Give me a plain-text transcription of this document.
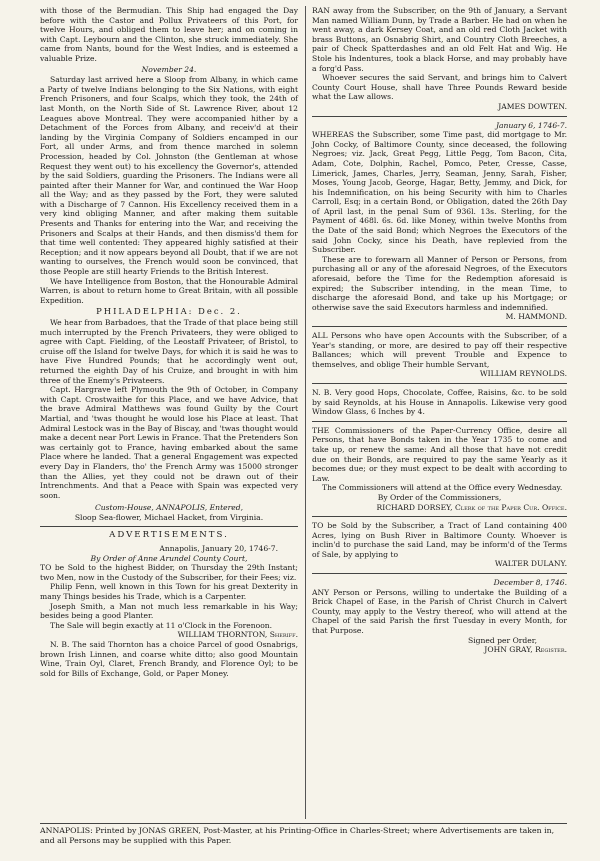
with those of the Bermudian. This Ship had engaged the Day before with the Castor and Pollux Privateers of this Port, for twelve Hours, and obliged them to leave her; and on coming in with Capt. Leybourn and the Clinton, she struck immediately. She came from Nants, bound for the West Indies, and is esteemed a valuable Prize.

November 24.

Saturday last arrived here a Sloop from Albany, in which came a Party of twelve Indians belonging to the Six Nations, with eight French Prisoners, and four Scalps, which they took, the 24th of last Month, on the North Side of St. Lawrence River, about 12 Leagues above Montreal. They were accompanied hither by a Detachment of the Forces from Albany, and receiv'd at their landing by the Virginia Company of Soldiers encamped in our Fort, all under Arms, and from thence marched in solemn Procession, headed by Col. Johnston (the Gentleman at whose Request they went out) to his excellency the Governor's, attended by the said Soldiers, guarding the Prisoners. The Indians were all painted after their Manner for War, and continued the War Hoop all the Way; and as they passed by the Fort, they were saluted with a Discharge of 7 Cannon. His Excellency received them in a very kind obliging Manner, and after making them suitable Presents and Thanks for entering into the War, and receiving the Prisoners and Scalps at their Hands, and then dismiss'd them for that time well contented: They appeared highly satisfied at their Reception; and it now appears beyond all Doubt, that if we are not wanting to ourselves, the French would soon be convinced, that those People are still hearty Friends to the British Interest.

We have Intelligence from Boston, that the Honourable Admiral Warren, is about to return home to Great Britain, with all possible Expedition.

PHILADELPHIA: Dec. 2.

We hear from Barbadoes, that the Trade of that place being still much interrupted by the French Privateers, they were obliged to agree with Capt. Fielding, of the Leostaff Privateer, of Bristol, to cruise off the Island for twelve Days, for which it is said he was to have Five Hundred Pounds; that he accordingly went out, returned the eighth Day of his Cruize, and brought in with him three of the Enemy's Privateers.

Capt. Hargrave left Plymouth the 9th of October, in Company with Capt. Crostwaithe for this Place, and we have Advice, that the brave Admiral Matthews was found Guilty by the Court Martial, and 'twas thought he would lose his Place at least. That Admiral Lestock was in the Bay of Biscay, and 'twas thought would make a decent near Port Lewis in France. That the Pretenders Son was certainly got to France, having embarked about the same Place where he landed. That a general Engagement was expected every Day in Flanders, tho' the French Army was 15000 stronger than the Allies, yet they could not be drawn out of their Intrenchments. And that a Peace with Spain was expected very soon.

Custom-House, ANNAPOLIS, Entered,
Sloop Sea-flower, Michael Hacket, from Virginia.
ADVERTISEMENTS.
Annapolis, January 20, 1746-7.
By Order of Anne Arundel County Court,

TO be Sold to the highest Bidder, on Thursday the 29th Instant; two Men, now in the Custody of the Subscriber, for their Fees; viz.

Philip Fenn, well known in this Town for his great Dexterity in many Things besides his Trade, which is a Carpenter.

Joseph Smith, a Man not much less remarkable in his Way; besides being a good Planter.

The Sale will begin exactly at 11 o'Clock in the Forenoon.

WILLIAM THORNTON, Sheriff.

N. B. The said Thornton has a choice Parcel of good Osnabrigs, brown Irish Linnen, and coarse white ditto; also good Mountain Wine, Train Oyl, Claret, French Brandy, and Florence Oyl; to be sold for Bills of Exchange, Gold, or Paper Money.

RAN away from the Subscriber, on the 9th of January, a Servant Man named William Dunn, by Trade a Barber. He had on when he went away, a dark Kersey Coat, and an old red Cloth Jacket with brass Buttons, an Osnabrig Shirt, and Country Cloth Breeches, a pair of Check Spatterdashes and an old Felt Hat and Wig. He Stole his Indentures, took a black Horse, and may probably have a forg'd Pass.

Whoever secures the said Servant, and brings him to Calvert County Court House, shall have Three Pounds Reward beside what the Law allows.

JAMES DOWTEN.
January 6, 1746-7.

WHEREAS the Subscriber, some Time past, did mortgage to Mr. John Cocky, of Baltimore County, since deceased, the following Negroes; viz. Jack, Great Pegg, Little Pegg, Tom Bacon, Cita, Adam, Cote, Dolphin, Rachel, Pomco, Peter, Cresse, Casse, Limerick, James, Charles, Jerry, Seaman, Jenny, Sarah, Fisher, Moses, Young Jacob, George, Hagar, Betty, Jemmy, and Dick, for his Indemnification, on his being Security with him to Charles Carroll, Esq; in a certain Bond, or Obligation, dated the 26th Day of April last, in the penal Sum of 936l. 13s. Sterling, for the Payment of 468l. 6s. 6d. like Money, within twelve Months from the Date of the said Bond; which Negroes the Executors of the said John Cocky, since his Death, have replevied from the Subscriber.

These are to forewarn all Manner of Person or Persons, from purchasing all or any of the aforesaid Negroes, of the Executors aforesaid, before the Time for the Redemption aforesaid is expired; the Subscriber intending, in the mean Time, to discharge the aforesaid Bond, and take up his Mortgage; or otherwise save the said Executors harmless and indemnified.

M. HAMMOND.

ALL Persons who have open Accounts with the Subscriber, of a Year's standing, or more, are desired to pay off their respective Ballances; which will prevent Trouble and Expence to themselves, and oblige Their humble Servant,

WILLIAM REYNOLDS.

N. B. Very good Hops, Chocolate, Coffee, Raisins, &c. to be sold by said Reynolds, at his House in Annapolis. Likewise very good Window Glass, 6 Inches by 4.

THE Commissioners of the Paper-Currency Office, desire all Persons, that have Bonds taken in the Year 1735 to come and take up, or renew the same: And all those that have not credit due on their Bonds, are required to pay the same Yearly as it becomes due; or they must expect to be dealt with according to Law.

The Commissioners will attend at the Office every Wednesday.

By Order of the Commissioners,
RICHARD DORSEY, Clerk of the Paper Cur. Office.

TO be Sold by the Subscriber, a Tract of Land containing 400 Acres, lying on Bush River in Baltimore County. Whoever is inclin'd to purchase the said Land, may be inform'd of the Terms of Sale, by applying to

WALTER DULANY.
December 8, 1746.

ANY Person or Persons, willing to undertake the Building of a Brick Chapel of Ease, in the Parish of Christ Church in Calvert County, may apply to the Vestry thereof, who will attend at the Chapel of the said Parish the first Tuesday in every Month, for that Purpose.

Signed per Order,
JOHN GRAY, Register.
ANNAPOLIS: Printed by JONAS GREEN, Post-Master, at his Printing-Office in Charles-Street; where Advertisements are taken in, and all Persons may be supplied with this Paper.
